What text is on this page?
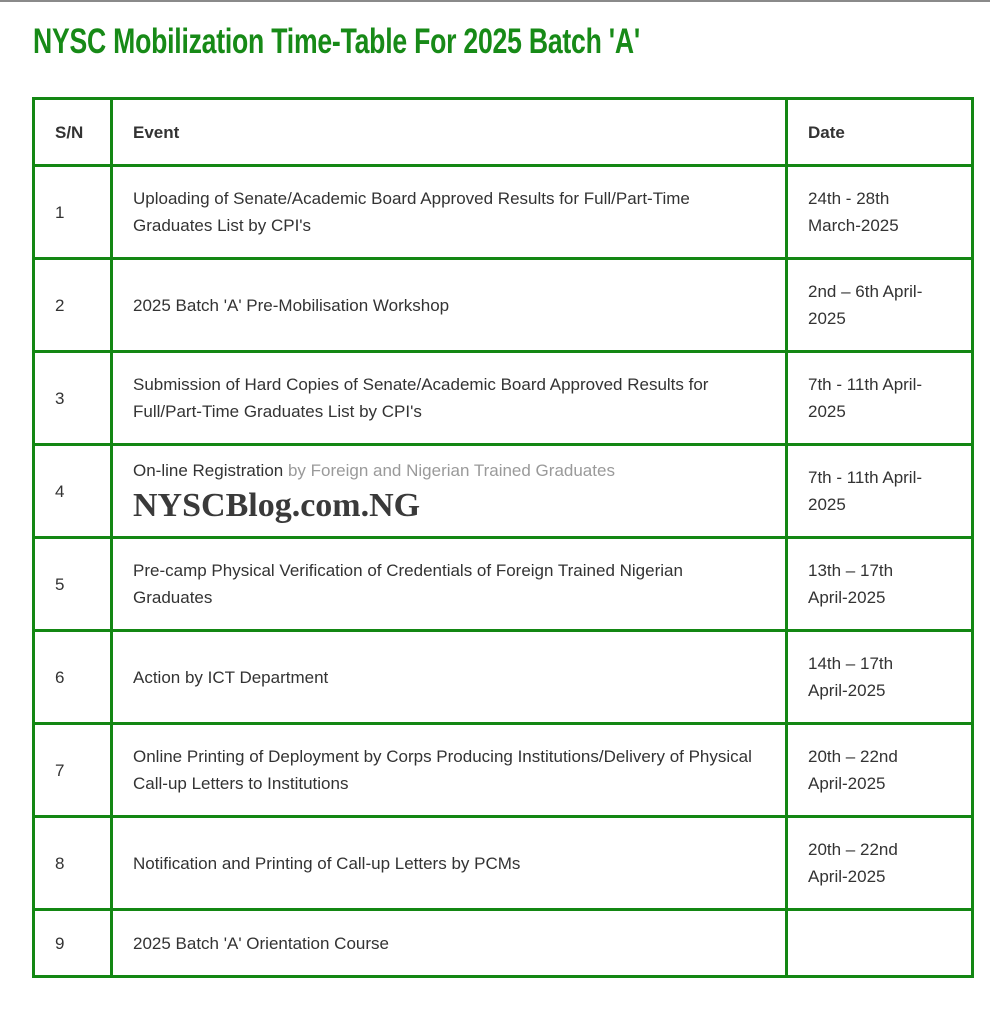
NYSC Mobilization Time-Table For 2025 Batch 'A'
S/N	Event	Date
1	Uploading of Senate/Academic Board Approved Results for Full/Part-Time Graduates List by CPI's	24th - 28th
March-2025
2	2025 Batch 'A' Pre-Mobilisation Workshop	2nd – 6th April-
2025
3	Submission of Hard Copies of Senate/Academic Board Approved Results for Full/Part-Time Graduates List by CPI's	7th - 11th April-
2025
4	On-line Registration by Foreign and Nigerian Trained Graduates
NYSCBlog.com.NG	7th - 11th April-
2025
5	Pre-camp Physical Verification of Credentials of Foreign Trained Nigerian Graduates	13th – 17th
April-2025
6	Action by ICT Department	14th – 17th
April-2025
7	Online Printing of Deployment by Corps Producing Institutions/Delivery of Physical Call-up Letters to Institutions	20th – 22nd
April-2025
8	Notification and Printing of Call-up Letters by PCMs	20th – 22nd
April-2025
9	2025 Batch 'A' Orientation Course	
